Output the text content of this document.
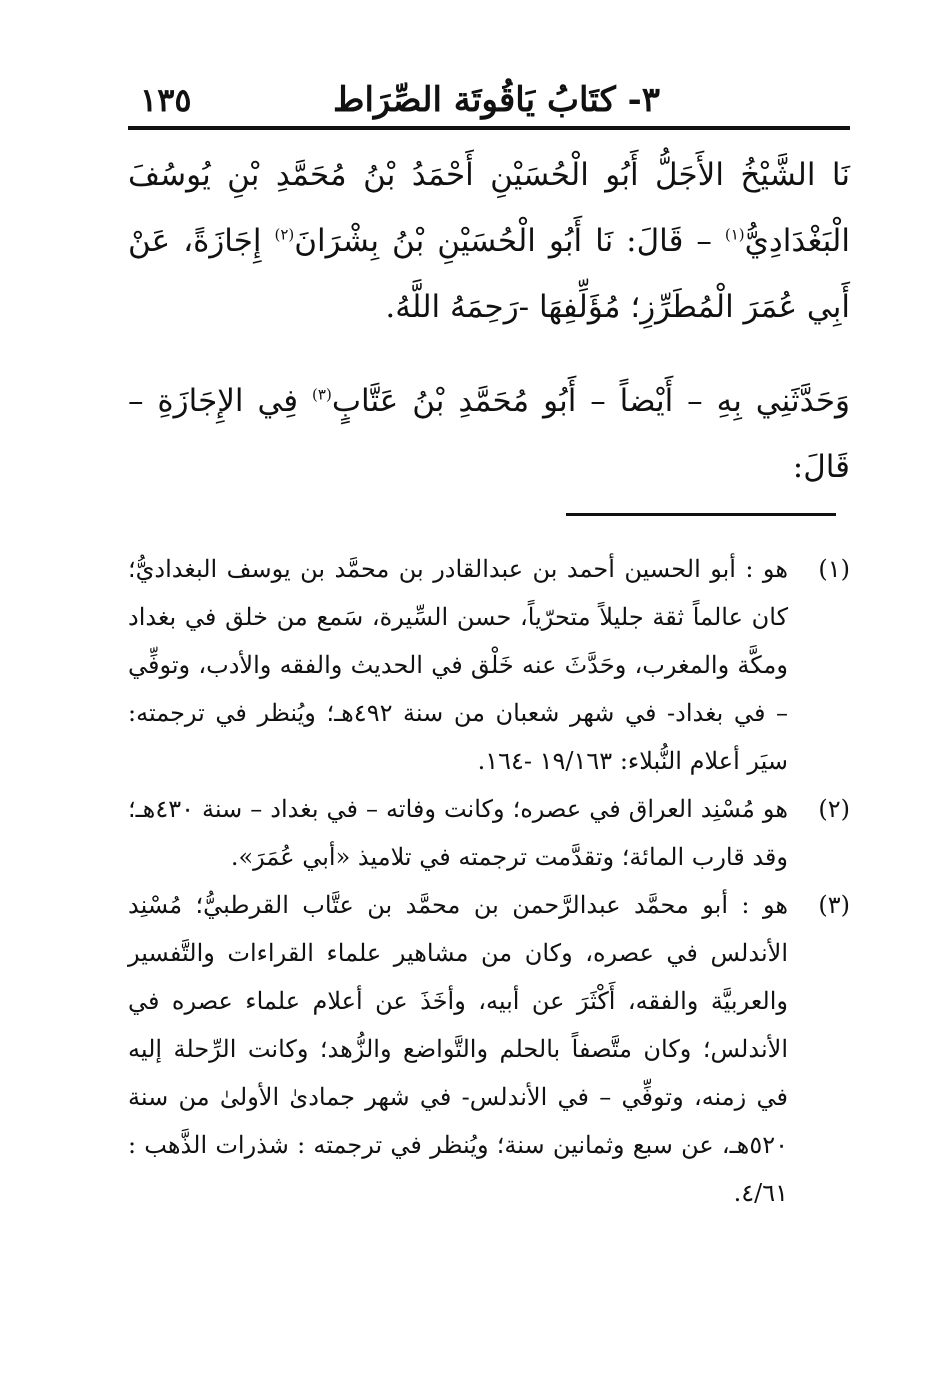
٣- كتَابُ يَاقُوتَة الصِّرَاط
١٣٥

نَا الشَّيْخُ الأَجَلُّ أَبُو الْحُسَيْنِ أَحْمَدُ بْنُ مُحَمَّدِ بْنِ يُوسُفَ الْبَغْدَادِيُّ$^{(١)}$ – قَالَ: نَا أَبُو الْحُسَيْنِ بْنُ بِشْرَانَ$^{(٢)}$ إِجَازَةً، عَنْ أَبِي عُمَرَ الْمُطَرِّزِ؛ مُؤَلِّفِهَا -رَحِمَهُ اللَّهُ.

وَحَدَّثَنِي بِهِ – أَيْضاً – أَبُو مُحَمَّدِ بْنُ عَتَّابٍ$^{(٣)}$ فِي الإِجَازَةِ – قَالَ:

(١)

هو : أبو الحسين أحمد بن عبدالقادر بن محمَّد بن يوسف البغداديُّ؛ كان عالماً ثقة جليلاً متحرّياً، حسن السِّيرة، سَمع من خلق في بغداد ومكَّة والمغرب، وحَدَّثَ عنه خَلْق في الحديث والفقه والأدب، وتوفِّي – في بغداد- في شهر شعبان من سنة ٤٩٢هـ؛ ويُنظر في ترجمته: سيَر أعلام النُّبلاء: ١٩/١٦٣ -١٦٤.

(٢)

هو مُسْنِد العراق في عصره؛ وكانت وفاته – في بغداد – سنة ٤٣٠هـ؛ وقد قارب المائة؛ وتقدَّمت ترجمته في تلاميذ «أبي عُمَرَ».

(٣)

هو : أبو محمَّد عبدالرَّحمن بن محمَّد بن عتَّاب القرطبيُّ؛ مُسْنِد الأندلس في عصره، وكان من مشاهير علماء القراءات والتَّفسير والعربيَّة والفقه، أَكْثَرَ عن أبيه، وأخَذَ عن أعلام علماء عصره في الأندلس؛ وكان متَّصفاً بالحلم والتَّواضع والزُّهد؛ وكانت الرِّحلة إليه في زمنه، وتوفِّي – في الأندلس- في شهر جمادىٰ الأولىٰ من سنة ٥٢٠هـ، عن سبع وثمانين سنة؛ ويُنظر في ترجمته : شذرات الذَّهب : ٤/٦١.
